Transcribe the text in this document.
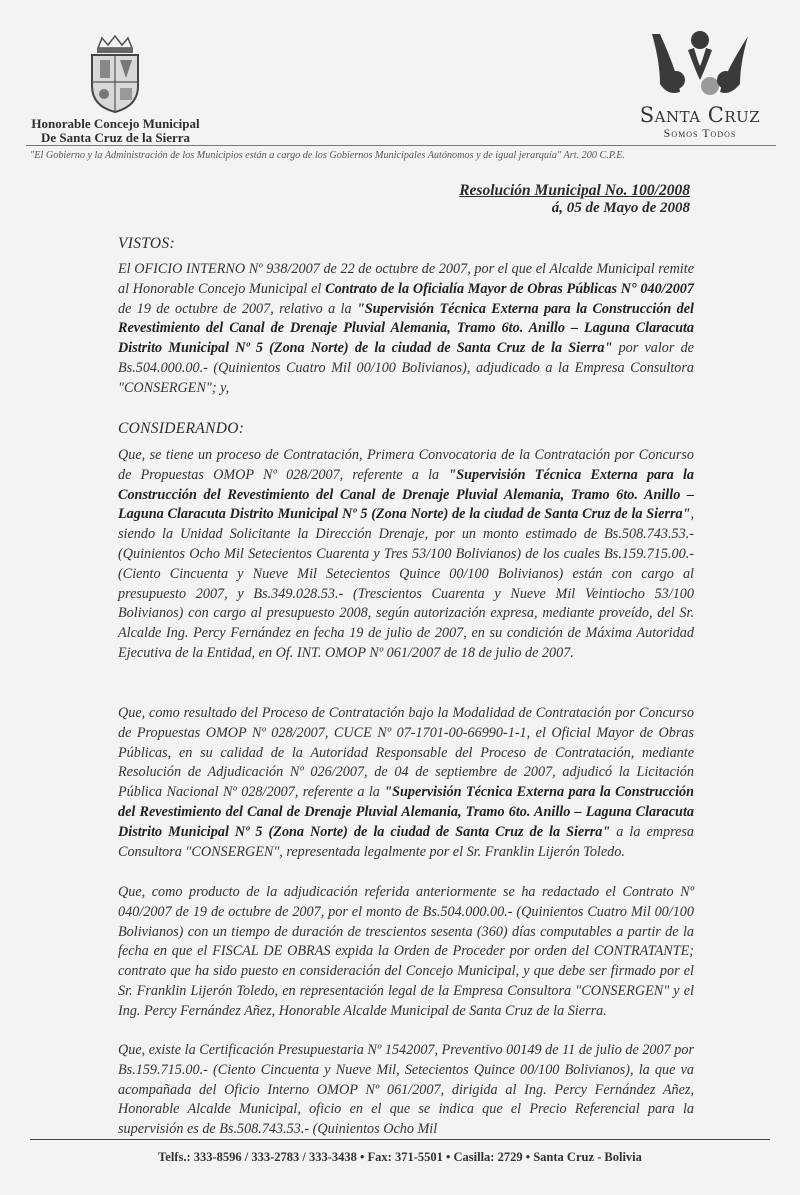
Honorable Concejo Municipal
De Santa Cruz de la Sierra
Santa Cruz
Somos Todos
"El Gobierno y la Administración de los Municipios están a cargo de los Gobiernos Municipales Autónomos y de igual jerarquía" Art. 200 C.P.E.
Resolución Municipal No. 100/2008
á, 05 de Mayo de 2008
VISTOS:
El OFICIO INTERNO Nº 938/2007 de 22 de octubre de 2007, por el que el Alcalde Municipal remite al Honorable Concejo Municipal el Contrato de la Oficialía Mayor de Obras Públicas N° 040/2007 de 19 de octubre de 2007, relativo a la "Supervisión Técnica Externa para la Construcción del Revestimiento del Canal de Drenaje Pluvial Alemania, Tramo 6to. Anillo – Laguna Claracuta Distrito Municipal Nº 5 (Zona Norte) de la ciudad de Santa Cruz de la Sierra" por valor de Bs.504.000.00.- (Quinientos Cuatro Mil 00/100 Bolivianos), adjudicado a la Empresa Consultora "CONSERGEN"; y,
CONSIDERANDO:
Que, se tiene un proceso de Contratación, Primera Convocatoria de la Contratación por Concurso de Propuestas OMOP Nº 028/2007, referente a la "Supervisión Técnica Externa para la Construcción del Revestimiento del Canal de Drenaje Pluvial Alemania, Tramo 6to. Anillo – Laguna Claracuta Distrito Municipal Nº 5 (Zona Norte) de la ciudad de Santa Cruz de la Sierra", siendo la Unidad Solicitante la Dirección Drenaje, por un monto estimado de Bs.508.743.53.- (Quinientos Ocho Mil Setecientos Cuarenta y Tres 53/100 Bolivianos) de los cuales Bs.159.715.00.- (Ciento Cincuenta y Nueve Mil Setecientos Quince 00/100 Bolivianos) están con cargo al presupuesto 2007, y Bs.349.028.53.- (Trescientos Cuarenta y Nueve Mil Veintiocho 53/100 Bolivianos) con cargo al presupuesto 2008, según autorización expresa, mediante proveído, del Sr. Alcalde Ing. Percy Fernández en fecha 19 de julio de 2007, en su condición de Máxima Autoridad Ejecutiva de la Entidad, en Of. INT. OMOP Nº 061/2007 de 18 de julio de 2007.
Que, como resultado del Proceso de Contratación bajo la Modalidad de Contratación por Concurso de Propuestas OMOP Nº 028/2007, CUCE Nº 07-1701-00-66990-1-1, el Oficial Mayor de Obras Públicas, en su calidad de la Autoridad Responsable del Proceso de Contratación, mediante Resolución de Adjudicación Nº 026/2007, de 04 de septiembre de 2007, adjudicó la Licitación Pública Nacional Nº 028/2007, referente a la "Supervisión Técnica Externa para la Construcción del Revestimiento del Canal de Drenaje Pluvial Alemania, Tramo 6to. Anillo – Laguna Claracuta Distrito Municipal Nº 5 (Zona Norte) de la ciudad de Santa Cruz de la Sierra" a la empresa Consultora "CONSERGEN", representada legalmente por el Sr. Franklin Lijerón Toledo.
Que, como producto de la adjudicación referida anteriormente se ha redactado el Contrato Nº 040/2007 de 19 de octubre de 2007, por el monto de Bs.504.000.00.- (Quinientos Cuatro Mil 00/100 Bolivianos) con un tiempo de duración de trescientos sesenta (360) días computables a partir de la fecha en que el FISCAL DE OBRAS expida la Orden de Proceder por orden del CONTRATANTE; contrato que ha sido puesto en consideración del Concejo Municipal, y que debe ser firmado por el Sr. Franklin Lijerón Toledo, en representación legal de la Empresa Consultora "CONSERGEN" y el Ing. Percy Fernández Añez, Honorable Alcalde Municipal de Santa Cruz de la Sierra.
Que, existe la Certificación Presupuestaria Nº 1542007, Preventivo 00149 de 11 de julio de 2007 por Bs.159.715.00.- (Ciento Cincuenta y Nueve Mil, Setecientos Quince 00/100 Bolivianos), la que va acompañada del Oficio Interno OMOP Nº 061/2007, dirigida al Ing. Percy Fernández Añez, Honorable Alcalde Municipal, oficio en el que se indica que el Precio Referencial para la supervisión es de Bs.508.743.53.- (Quinientos Ocho Mil
Telfs.: 333-8596 / 333-2783 / 333-3438 • Fax: 371-5501 • Casilla: 2729 • Santa Cruz - Bolivia
